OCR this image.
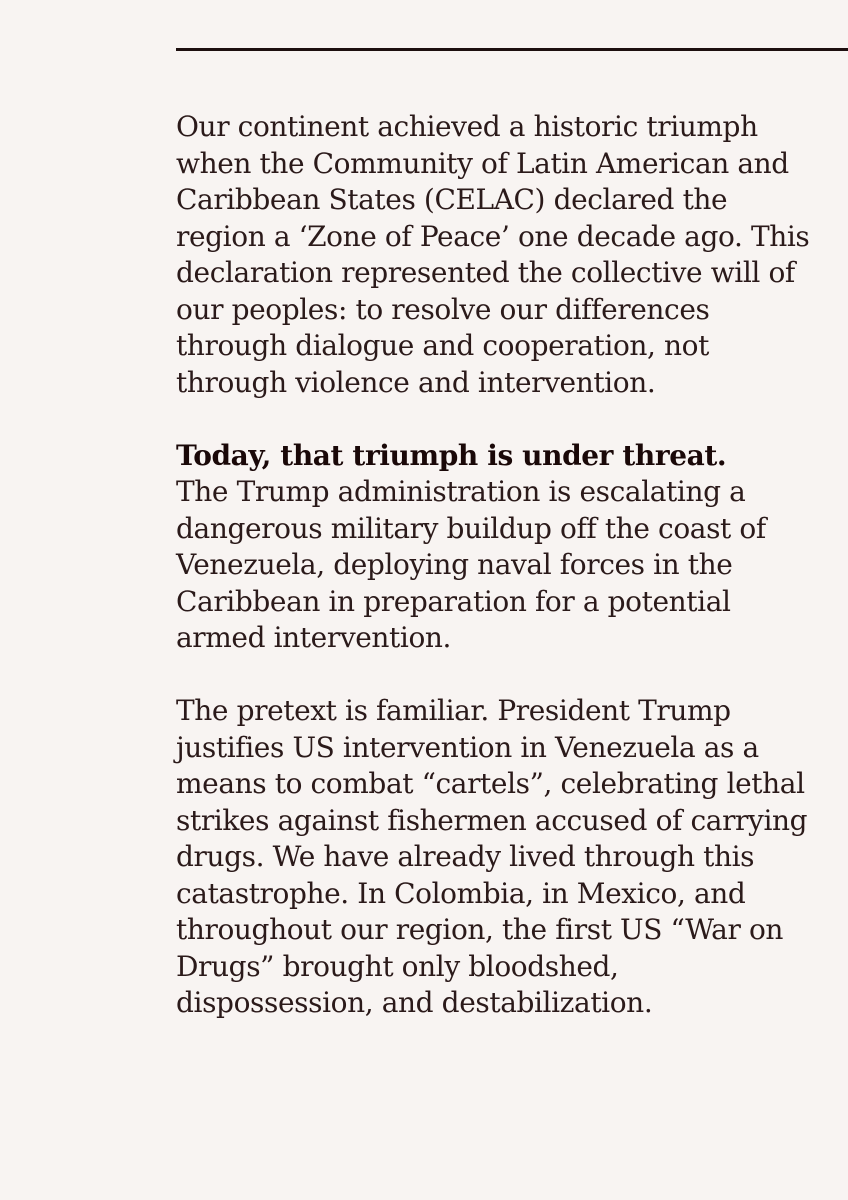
Our continent achieved a historic triumph
when the Community of Latin American and
Caribbean States (CELAC) declared the
region a ‘Zone of Peace’ one decade ago. This
declaration represented the collective will of
our peoples: to resolve our differences
through dialogue and cooperation, not
through violence and intervention.

Today, that triumph is under threat.
The Trump administration is escalating a
dangerous military buildup off the coast of
Venezuela, deploying naval forces in the
Caribbean in preparation for a potential
armed intervention.

The pretext is familiar. President Trump
justifies US intervention in Venezuela as a
means to combat “cartels”, celebrating lethal
strikes against fishermen accused of carrying
drugs. We have already lived through this
catastrophe. In Colombia, in Mexico, and
throughout our region, the first US “War on
Drugs” brought only bloodshed,
dispossession, and destabilization.
